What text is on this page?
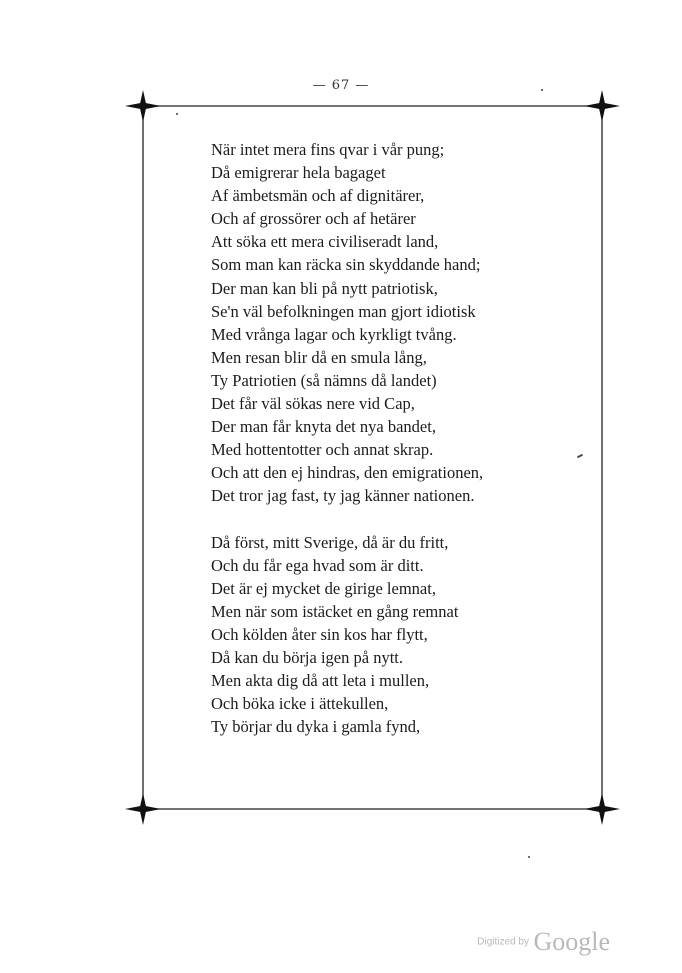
— 67 —
När intet mera fins qvar i vår pung;
Då emigrerar hela bagaget
Af ämbetsmän och af dignitärer,
Och af grossörer och af hetärer
Att söka ett mera civiliseradt land,
Som man kan räcka sin skyddande hand;
Der man kan bli på nytt patriotisk,
Se'n väl befolkningen man gjort idiotisk
Med vrånga lagar och kyrkligt tvång.
Men resan blir då en smula lång,
Ty Patriotien (så nämns då landet)
Det får väl sökas nere vid Cap,
Der man får knyta det nya bandet,
Med hottentotter och annat skrap.
Och att den ej hindras, den emigrationen,
Det tror jag fast, ty jag känner nationen.
Då först, mitt Sverige, då är du fritt,
Och du får ega hvad som är ditt.
Det är ej mycket de girige lemnat,
Men när som istäcket en gång remnat
Och kölden åter sin kos har flytt,
Då kan du börja igen på nytt.
Men akta dig då att leta i mullen,
Och böka icke i ättekullen,
Ty börjar du dyka i gamla fynd,
Digitized by Google
